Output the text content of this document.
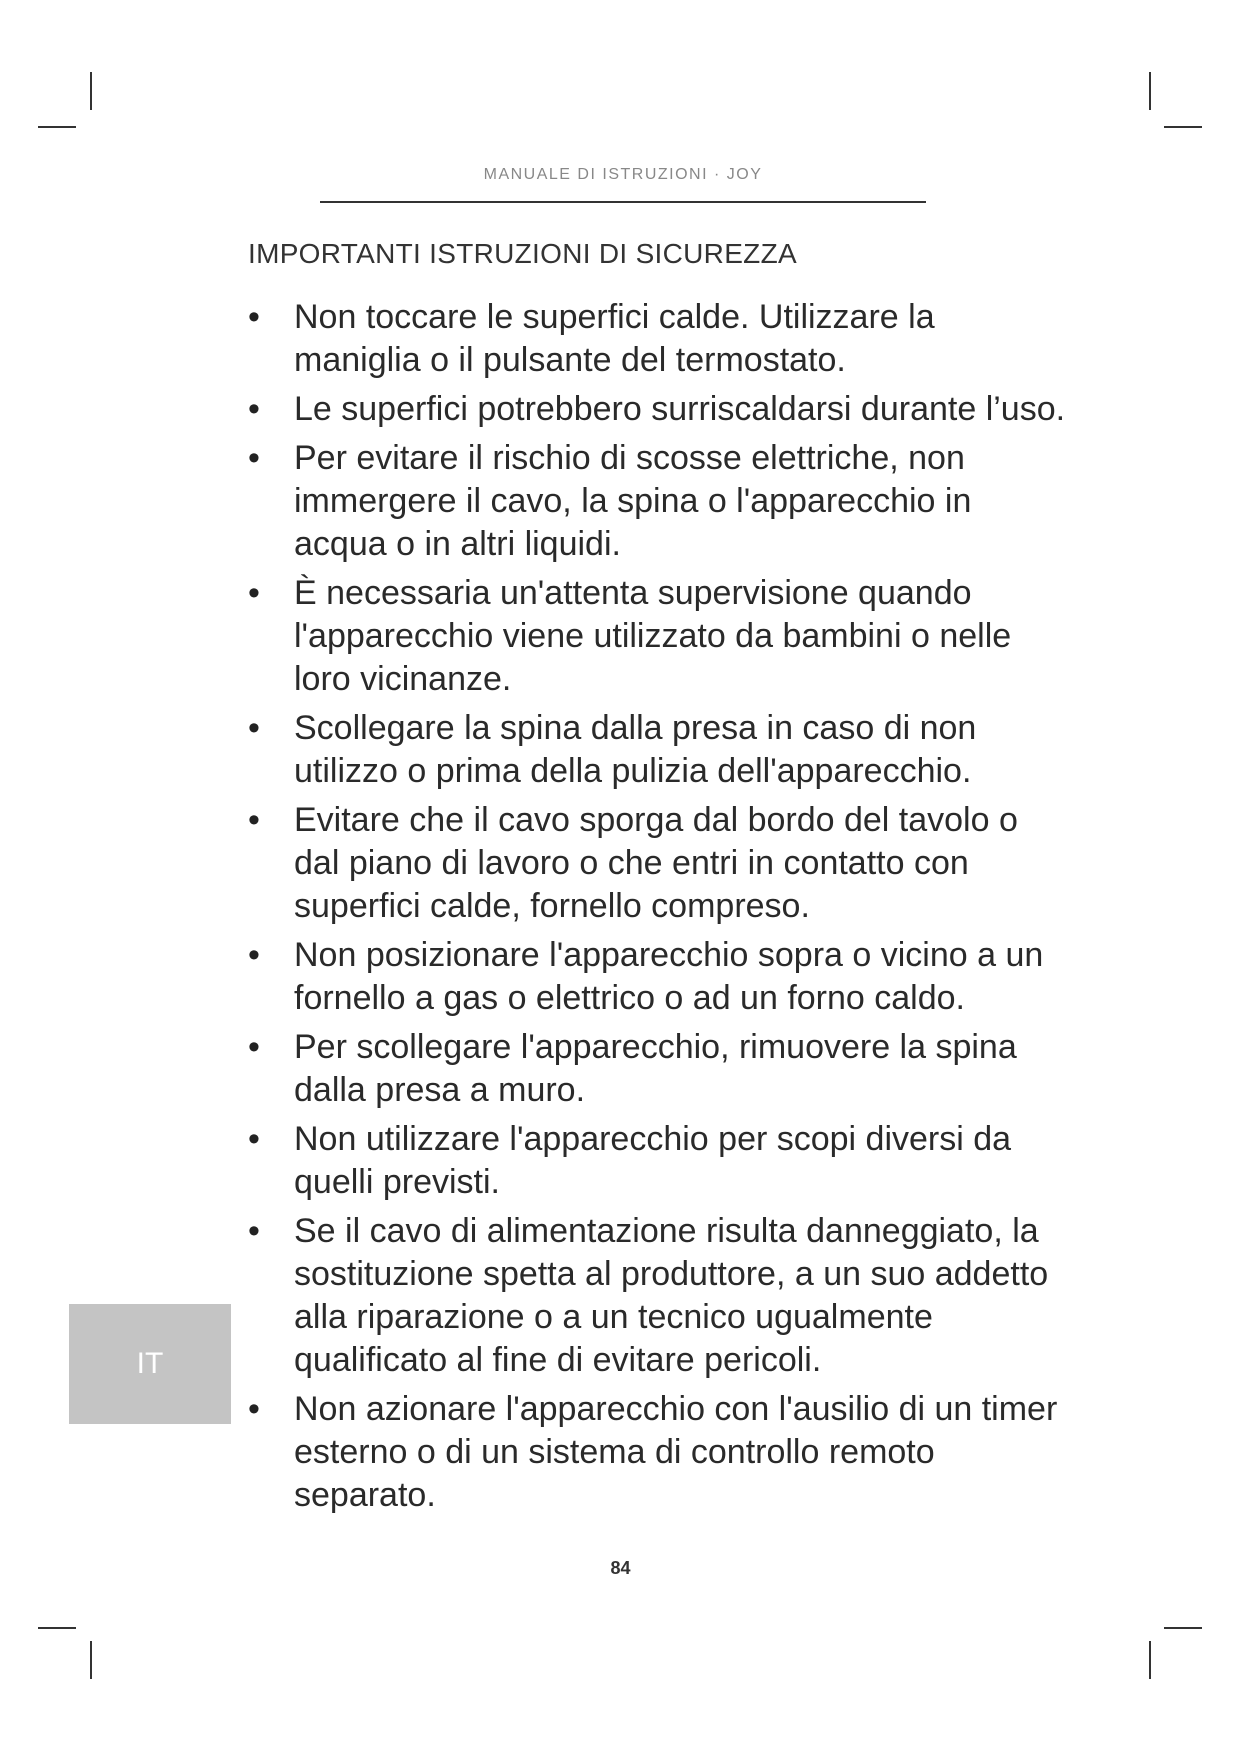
MANUALE DI ISTRUZIONI · JOY
IMPORTANTI ISTRUZIONI DI SICUREZZA
• Non toccare le superfici calde. Utilizzare la maniglia o il pulsante del termostato.
• Le superfici potrebbero surriscaldarsi durante l’uso.
• Per evitare il rischio di scosse elettriche, non immergere il cavo, la spina o l'apparecchio in acqua o in altri liquidi.
• È necessaria un'attenta supervisione quando l'apparecchio viene utilizzato da bambini o nelle loro vicinanze.
• Scollegare la spina dalla presa in caso di non utilizzo o prima della pulizia dell'apparecchio.
• Evitare che il cavo sporga dal bordo del tavolo o dal piano di lavoro o che entri in contatto con superfici calde, fornello compreso.
• Non posizionare l'apparecchio sopra o vicino a un fornello a gas o elettrico o ad un forno caldo.
• Per scollegare l'apparecchio, rimuovere la spina dalla presa a muro.
• Non utilizzare l'apparecchio per scopi diversi da quelli previsti.
• Se il cavo di alimentazione risulta danneggiato, la sostituzione spetta al produttore, a un suo addetto alla riparazione o a un tecnico ugualmente qualificato al fine di evitare pericoli.
• Non azionare l'apparecchio con l'ausilio di un timer esterno o di un sistema di controllo remoto separato.
IT
84
